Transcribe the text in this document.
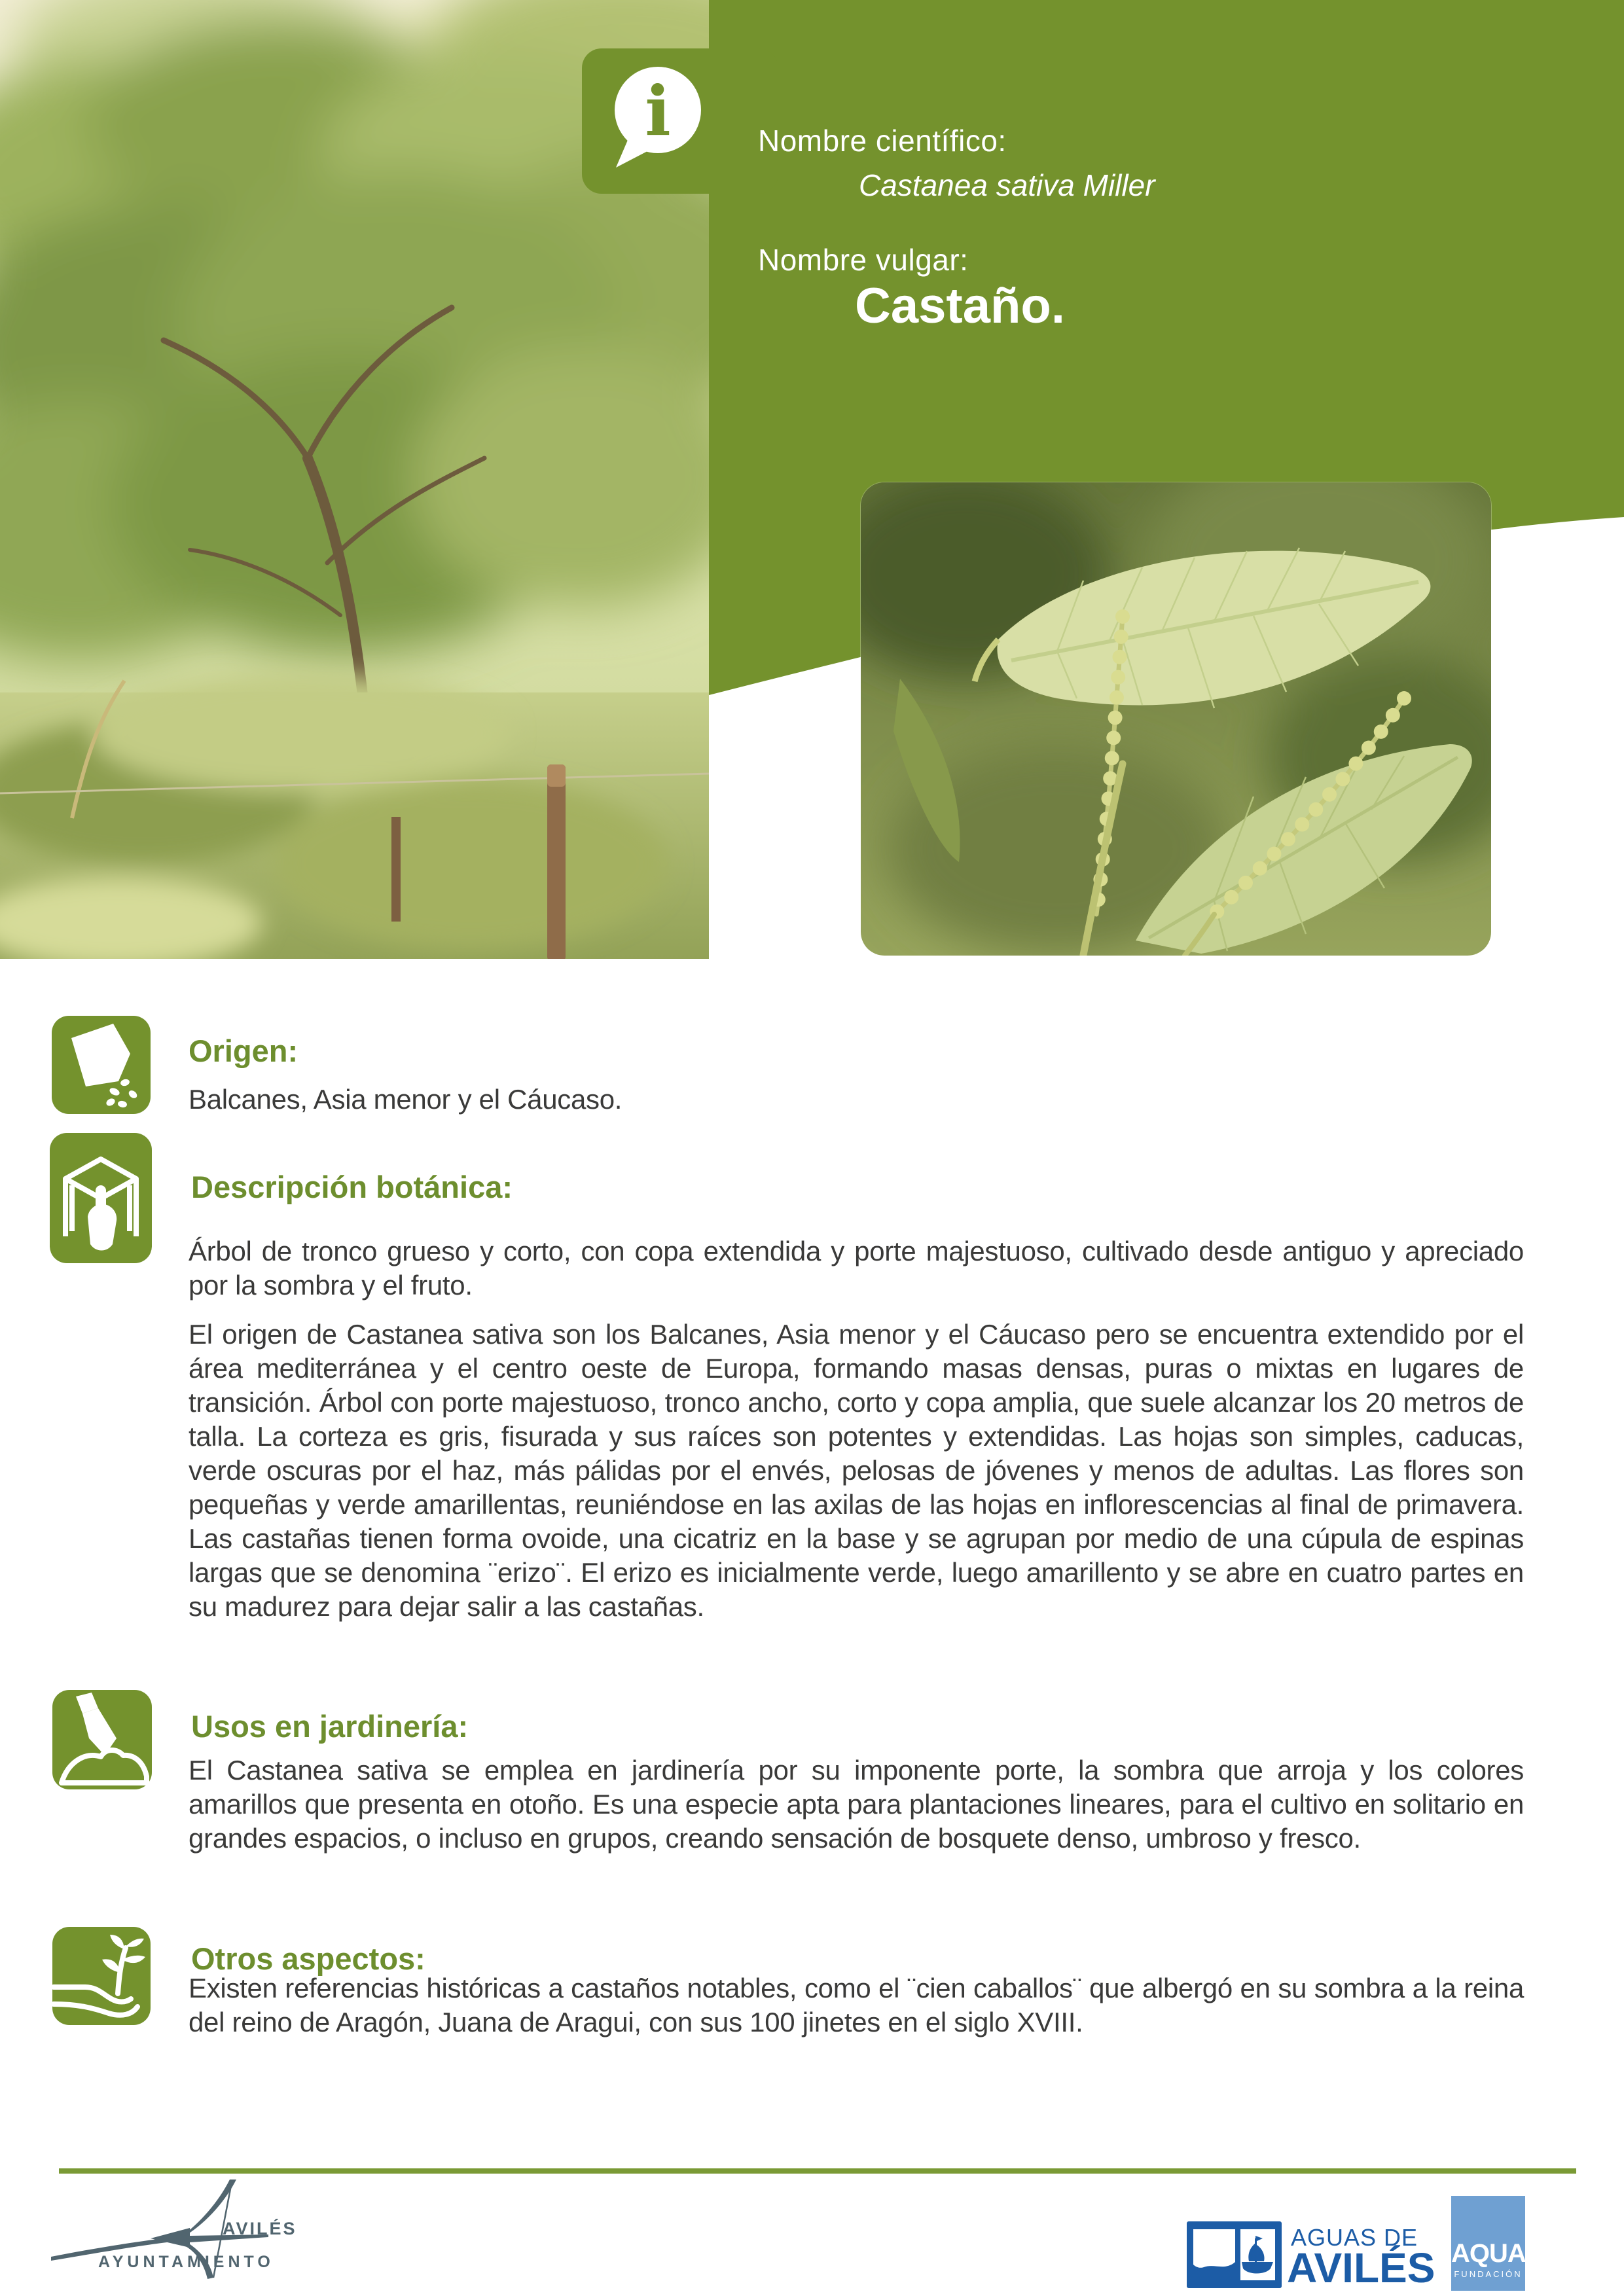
i	Nombre científico:
Castanea sativa Miller
Nombre vulgar:
Castaño.
Origen:
Balcanes, Asia menor y el Cáucaso.
Descripción botánica:
Árbol de tronco grueso y corto, con copa extendida y porte majestuoso, cultivado desde antiguo y apreciado por la sombra y el fruto.
El origen de Castanea sativa son los Balcanes, Asia menor y el Cáucaso pero se encuentra extendido por el área mediterránea y el centro oeste de Europa, formando masas densas, puras o mixtas en lugares de transición. Árbol con porte majestuoso, tronco ancho, corto y copa amplia, que suele alcanzar los 20 metros de talla. La corteza es gris, fisurada y sus raíces son potentes y extendidas. Las hojas son simples, caducas, verde oscuras por el haz, más pálidas por el envés, pelosas de jóvenes y menos de adultas. Las flores son pequeñas y verde amarillentas, reuniéndose en las axilas de las hojas en inflorescencias al final de primavera. Las castañas tienen forma ovoide, una cicatriz en la base y se agrupan por medio de una cúpula de espinas largas que se denomina ¨erizo¨. El erizo es inicialmente verde, luego amarillento y se abre en cuatro partes en su madurez para dejar salir a las castañas.
Usos en jardinería:
El Castanea sativa se emplea en jardinería por su imponente porte, la sombra que arroja y los colores amarillos que presenta en otoño. Es una especie apta para plantaciones lineares, para el cultivo en solitario en grandes espacios, o incluso en grupos, creando sensación de bosquete denso, umbroso y fresco.
Otros aspectos:
Existen referencias históricas a castaños notables, como el ¨cien caballos¨ que albergó en su sombra a la reina del reino de Aragón, Juana de Aragui, con sus 100 jinetes en el siglo XVIII.
AVILÉS
AYUNTAMIENTO
AGUAS DE
AVILÉS AQUAe
FUNDACIÓN
